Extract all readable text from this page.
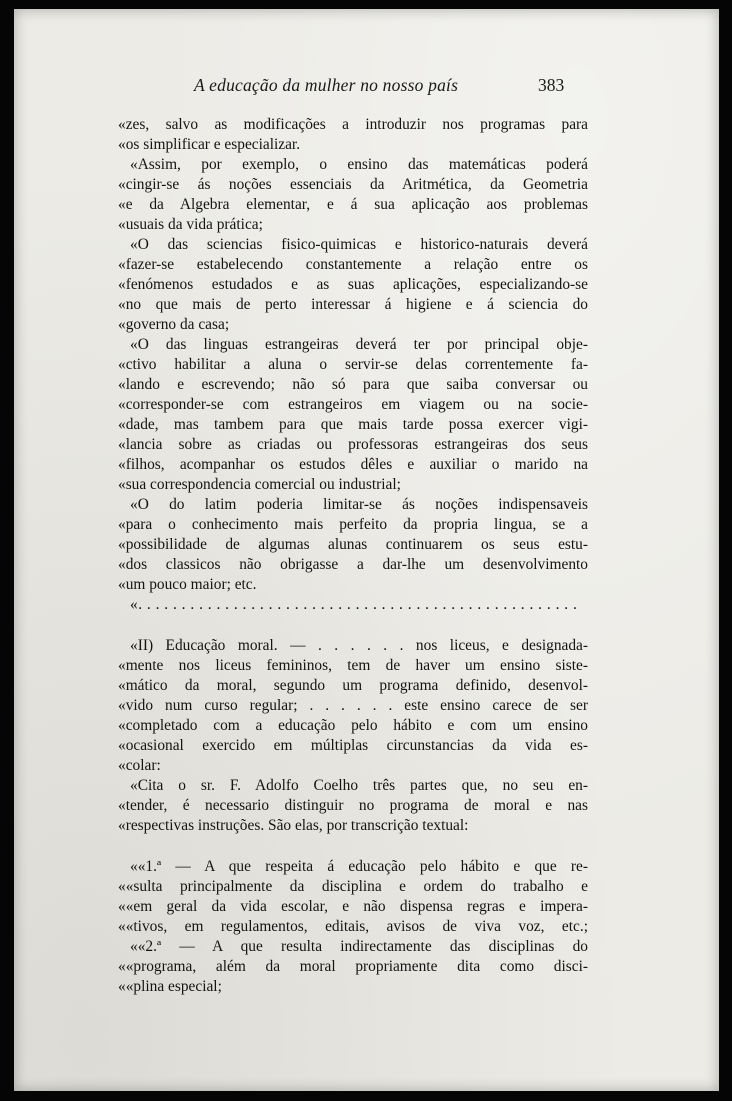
A educação da mulher no nosso país	383
«zes, salvo as modificações a introduzir nos programas para
«os simplificar e especializar.
«Assim, por exemplo, o ensino das matemáticas poderá
«cingir-se ás noções essenciais da Aritmética, da Geometria
«e da Algebra elementar, e á sua aplicação aos problemas
«usuais da vida prática;
«O das sciencias fisico-quimicas e historico-naturais deverá
«fazer-se estabelecendo constantemente a relação entre os
«fenómenos estudados e as suas aplicações, especializando-se
«no que mais de perto interessar á higiene e á sciencia do
«governo da casa;
«O das linguas estrangeiras deverá ter por principal obje-
«ctivo habilitar a aluna o servir-se delas correntemente fa-
«lando e escrevendo; não só para que saiba conversar ou
«corresponder-se com estrangeiros em viagem ou na socie-
«dade, mas tambem para que mais tarde possa exercer vigi-
«lancia sobre as criadas ou professoras estrangeiras dos seus
«filhos, acompanhar os estudos dêles e auxiliar o marido na
«sua correspondencia comercial ou industrial;
«O do latim poderia limitar-se ás noções indispensaveis
«para o conhecimento mais perfeito da propria lingua, se a
«possibilidade de algumas alunas continuarem os seus estu-
«dos classicos não obrigasse a dar-lhe um desenvolvimento
«um pouco maior; etc.
«. . . . . . . . . . . . . . . . . . . . . . . . . . . . . . . . . . . . . . . . . . . . . . . . . . .
«II) Educação moral. — . . . . . . nos liceus, e designada-
«mente nos liceus femininos, tem de haver um ensino siste-
«mático da moral, segundo um programa definido, desenvol-
«vido num curso regular; . . . . . . este ensino carece de ser
«completado com a educação pelo hábito e com um ensino
«ocasional exercido em múltiplas circunstancias da vida es-
«colar:
«Cita o sr. F. Adolfo Coelho três partes que, no seu en-
«tender, é necessario distinguir no programa de moral e nas
«respectivas instruções. São elas, por transcrição textual:
««1.ª — A que respeita á educação pelo hábito e que re-
««sulta principalmente da disciplina e ordem do trabalho e
««em geral da vida escolar, e não dispensa regras e impera-
««tivos, em regulamentos, editais, avisos de viva voz, etc.;
««2.ª — A que resulta indirectamente das disciplinas do
««programa, além da moral propriamente dita como disci-
««plina especial;
